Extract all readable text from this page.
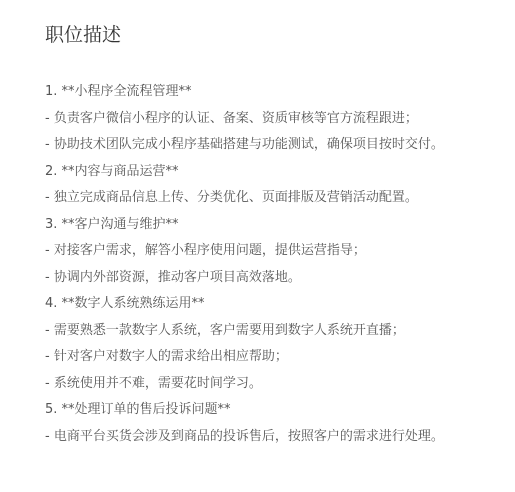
职位描述
1. **小程序全流程管理**
- 负责客户微信小程序的认证、备案、资质审核等官方流程跟进；
- 协助技术团队完成小程序基础搭建与功能测试，确保项目按时交付。
2. **内容与商品运营**
- 独立完成商品信息上传、分类优化、页面排版及营销活动配置。
3. **客户沟通与维护**
- 对接客户需求，解答小程序使用问题，提供运营指导；
- 协调内外部资源，推动客户项目高效落地。
4. **数字人系统熟练运用**
- 需要熟悉一款数字人系统，客户需要用到数字人系统开直播；
- 针对客户对数字人的需求给出相应帮助；
- 系统使用并不难，需要花时间学习。
5. **处理订单的售后投诉问题**
- 电商平台买货会涉及到商品的投诉售后，按照客户的需求进行处理。
